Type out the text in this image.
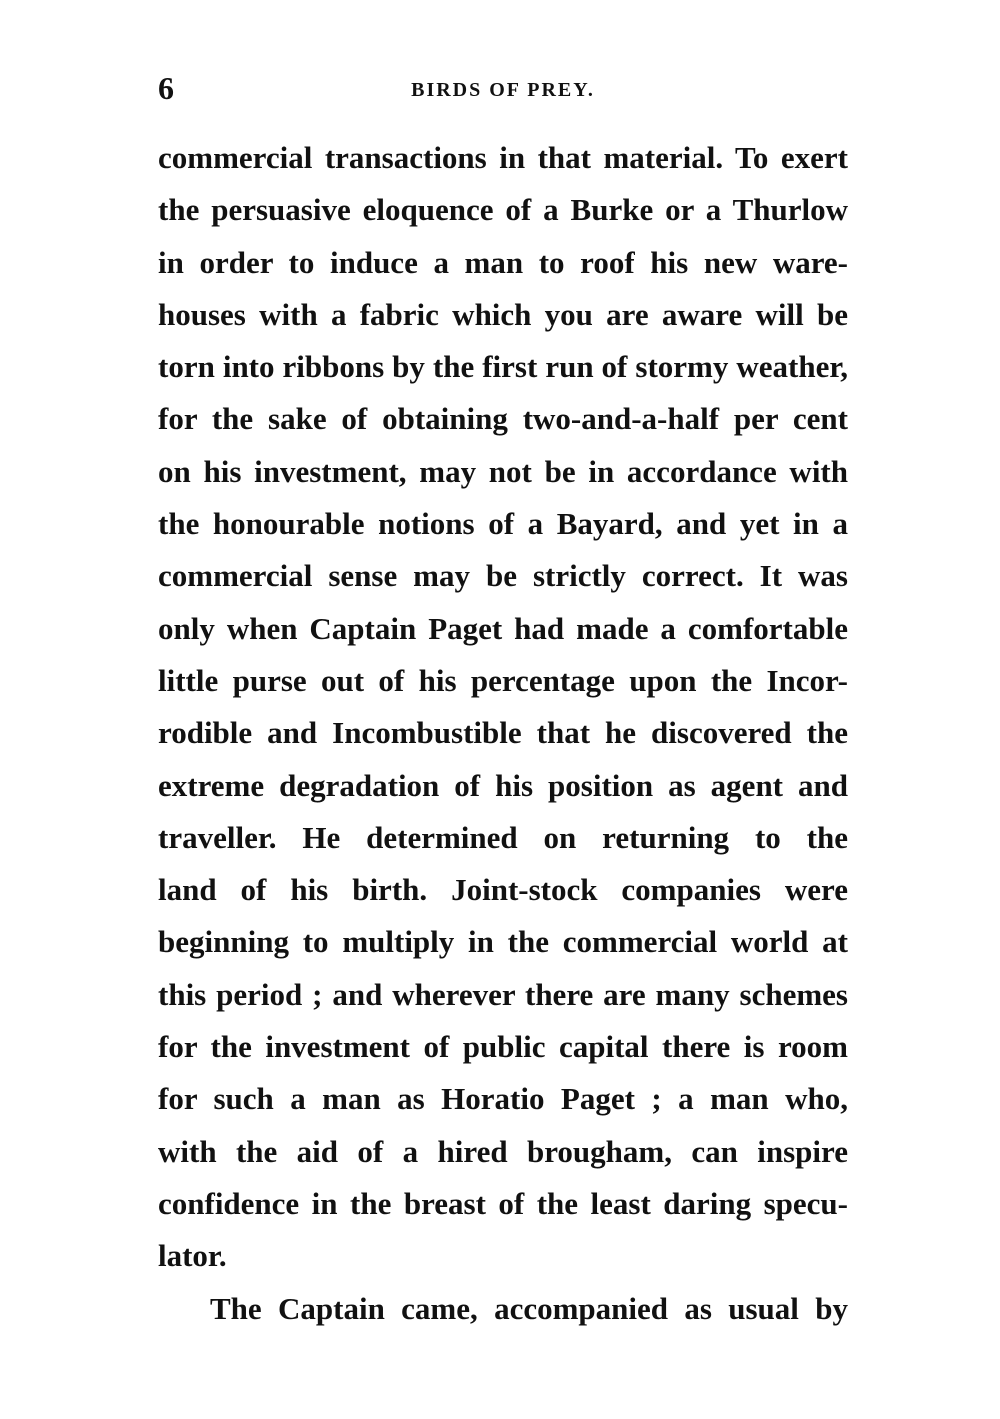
6	BIRDS OF PREY.
commercial transactions in that material. To exert
the persuasive eloquence of a Burke or a Thurlow
in order to induce a man to roof his new ware-
houses with a fabric which you are aware will be
torn into ribbons by the first run of stormy weather,
for the sake of obtaining two-and-a-half per cent
on his investment, may not be in accordance with
the honourable notions of a Bayard, and yet in a
commercial sense may be strictly correct. It was
only when Captain Paget had made a comfortable
little purse out of his percentage upon the Incor-
rodible and Incombustible that he discovered the
extreme degradation of his position as agent and
traveller. He determined on returning to the
land of his birth. Joint-stock companies were
beginning to multiply in the commercial world at
this period ; and wherever there are many schemes
for the investment of public capital there is room
for such a man as Horatio Paget ; a man who,
with the aid of a hired brougham, can inspire
confidence in the breast of the least daring specu-
lator.
The Captain came, accompanied as usual by
